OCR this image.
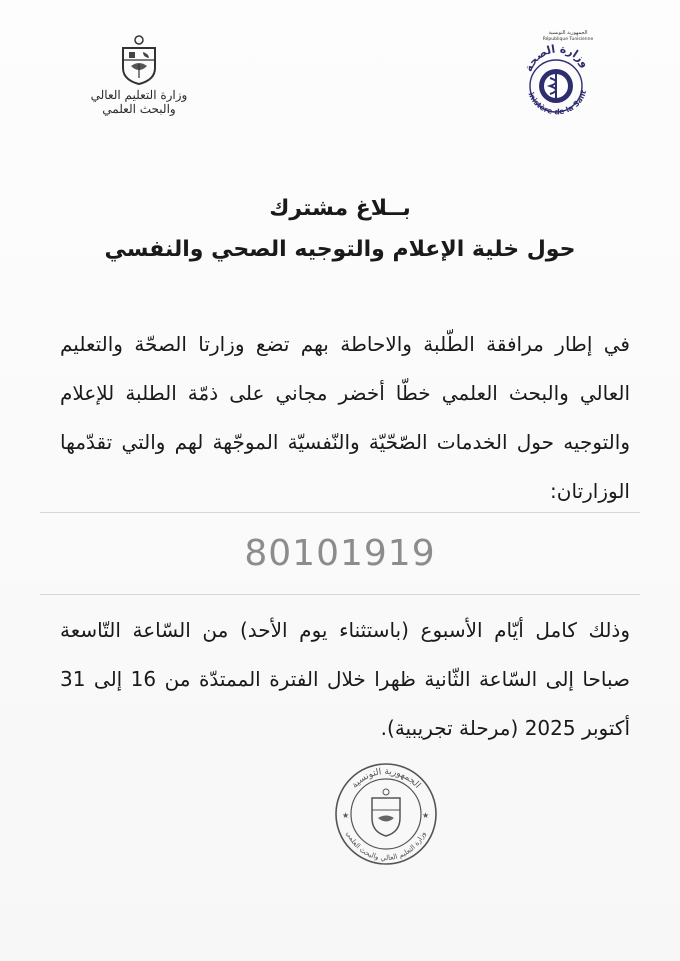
وزارة التعليم العالي
والبحث العلمي
الجمهورية التونسية
République Tunisienne
وزارة الصحة
inistère de la Sant
بــلاغ مشترك
حول خلية الإعلام والتوجيه الصحي والنفسي
في إطار مرافقة الطّلبة والاحاطة بهم تضع وزارتا الصحّة والتعليم العالي والبحث العلمي خطّا أخضر مجاني على ذمّة الطلبة للإعلام والتوجيه حول الخدمات الصّحّيّة والنّفسيّة الموجّهة لهم والتي تقدّمها الوزارتان:
80101919
وذلك كامل أيّام الأسبوع (باستثناء يوم الأحد) من السّاعة التّاسعة صباحا إلى السّاعة الثّانية ظهرا خلال الفترة الممتدّة من 16 إلى 31 أكتوبر 2025 (مرحلة تجريبية).
الجمهورية التونسية
وزارة التعليم العالي والبحث العلمي
★	★
